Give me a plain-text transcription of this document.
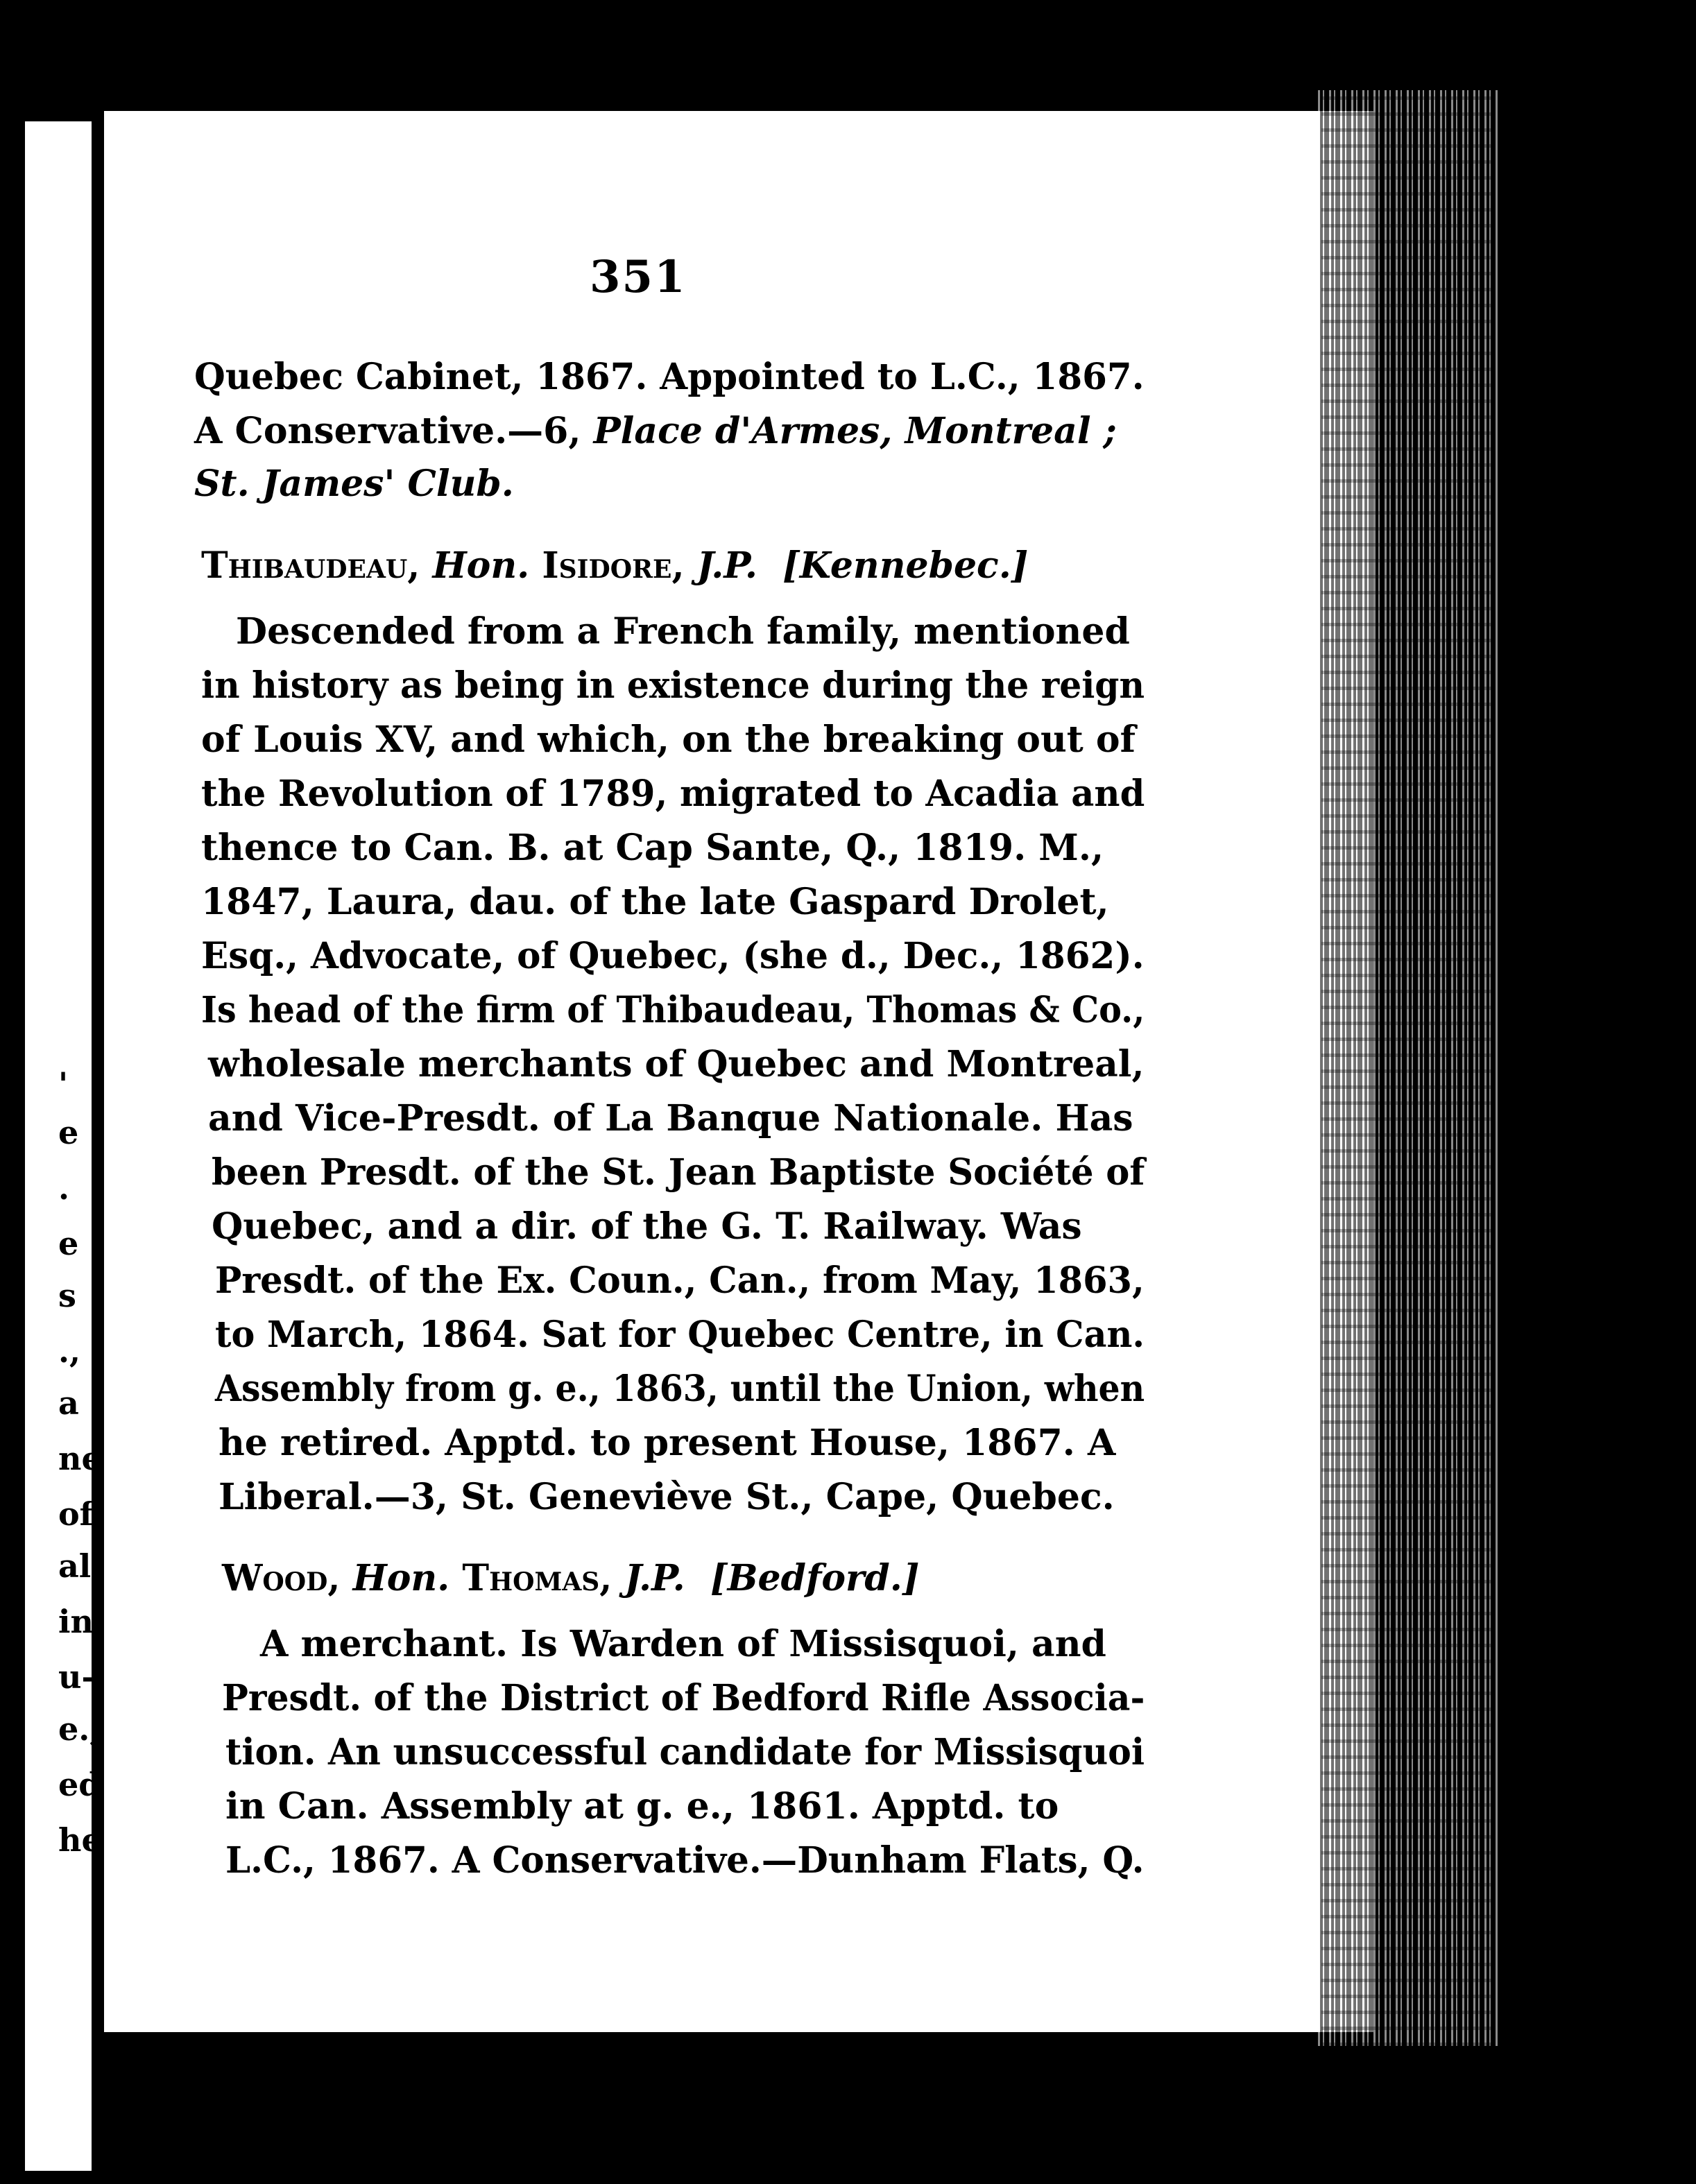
'
e
.
e
s
.,
a
ne
of
al
in
u-
e.,
ed
he
351
Quebec Cabinet, 1867. Appointed to L.C., 1867.
A Conservative.—6, Place d'Armes, Montreal ;
St. James' Club.
Thibaudeau, Hon. Isidore, J.P. [Kennebec.]
Descended from a French family, mentioned
in history as being in existence during the reign
of Louis XV, and which, on the breaking out of
the Revolution of 1789, migrated to Acadia and
thence to Can. B. at Cap Sante, Q., 1819. M.,
1847, Laura, dau. of the late Gaspard Drolet,
Esq., Advocate, of Quebec, (she d., Dec., 1862).
Is head of the firm of Thibaudeau, Thomas & Co.,
wholesale merchants of Quebec and Montreal,
and Vice-Presdt. of La Banque Nationale. Has
been Presdt. of the St. Jean Baptiste Société of
Quebec, and a dir. of the G. T. Railway. Was
Presdt. of the Ex. Coun., Can., from May, 1863,
to March, 1864. Sat for Quebec Centre, in Can.
Assembly from g. e., 1863, until the Union, when
he retired. Apptd. to present House, 1867. A
Liberal.—3, St. Geneviève St., Cape, Quebec.
Wood, Hon. Thomas, J.P. [Bedford.]
A merchant. Is Warden of Missisquoi, and
Presdt. of the District of Bedford Rifle Associa-
tion. An unsuccessful candidate for Missisquoi
in Can. Assembly at g. e., 1861. Apptd. to
L.C., 1867. A Conservative.—Dunham Flats, Q.
